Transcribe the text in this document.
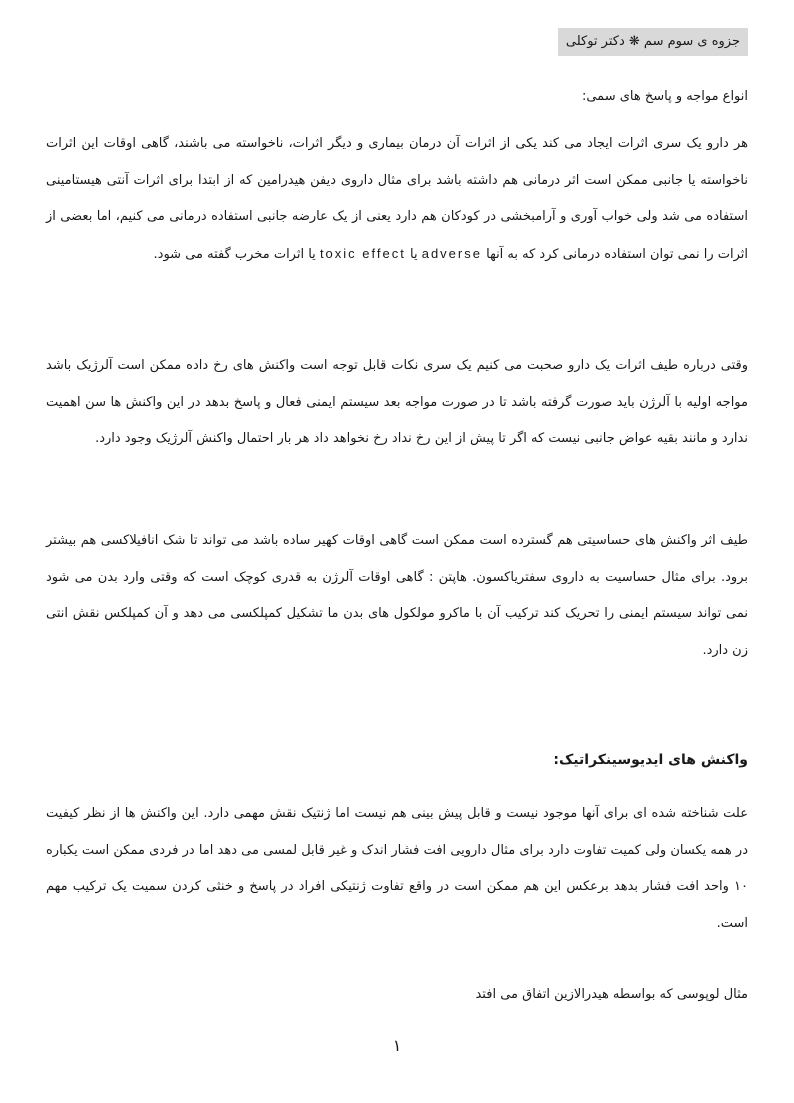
جزوه ی سوم سم ❋ دکتر توکلی

انواع مواجه و پاسخ های سمی:

هر دارو یک سری اثرات ایجاد می کند یکی از اثرات آن درمان بیماری و دیگر اثرات، ناخواسته می باشند، گاهی اوقات این اثرات ناخواسته یا جانبی ممکن است اثر درمانی هم داشته باشد برای مثال داروی دیفن هیدرامین که از ابتدا برای اثرات آنتی هیستامینی استفاده می شد ولی خواب آوری و آرامبخشی در کودکان هم دارد یعنی از یک عارضه جانبی استفاده درمانی می کنیم، اما بعضی از اثرات را نمی توان استفاده درمانی کرد که به آنها adverse یا toxic effect یا اثرات مخرب گفته می شود.

وقتی درباره طیف اثرات یک دارو صحبت می کنیم یک سری نکات قابل توجه است واکنش های رخ داده ممکن است آلرژیک باشد مواجه اولیه با آلرژن باید صورت گرفته باشد تا در صورت مواجه بعد سیستم ایمنی فعال و پاسخ بدهد در این واکنش ها سن اهمیت ندارد و مانند بقیه عواض جانبی نیست که اگر تا پیش از این رخ نداد رخ نخواهد داد هر بار احتمال واکنش آلرژیک وجود دارد.

طیف اثر واکنش های حساسیتی هم گسترده است ممکن است گاهی اوقات کهیر ساده باشد می تواند تا شک انافیلاکسی هم بیشتر برود. برای مثال حساسیت به داروی سفتریاکسون. هاپتن : گاهی اوقات آلرژن به قدری کوچک است که وقتی وارد بدن می شود نمی تواند سیستم ایمنی را تحریک کند ترکیب آن با ماکرو مولکول های بدن ما تشکیل کمپلکسی می دهد و آن کمپلکس نقش انتی زن دارد.

واکنش های ایدیوسینکراتیک:

علت شناخته شده ای برای آنها موجود نیست و قابل پیش بینی هم نیست اما ژنتیک نقش مهمی دارد. این واکنش ها از نظر کیفیت در همه یکسان ولی کمیت تفاوت دارد برای مثال دارویی افت فشار اندک و غیر قابل لمسی می دهد اما در فردی ممکن است یکباره ۱۰ واحد افت فشار بدهد برعکس این هم ممکن است در واقع تفاوت ژنتیکی افراد در پاسخ و خنثی کردن سمیت یک ترکیب مهم است.

مثال لوپوسی که بواسطه هیدرالازین اتفاق می افتد

۱
